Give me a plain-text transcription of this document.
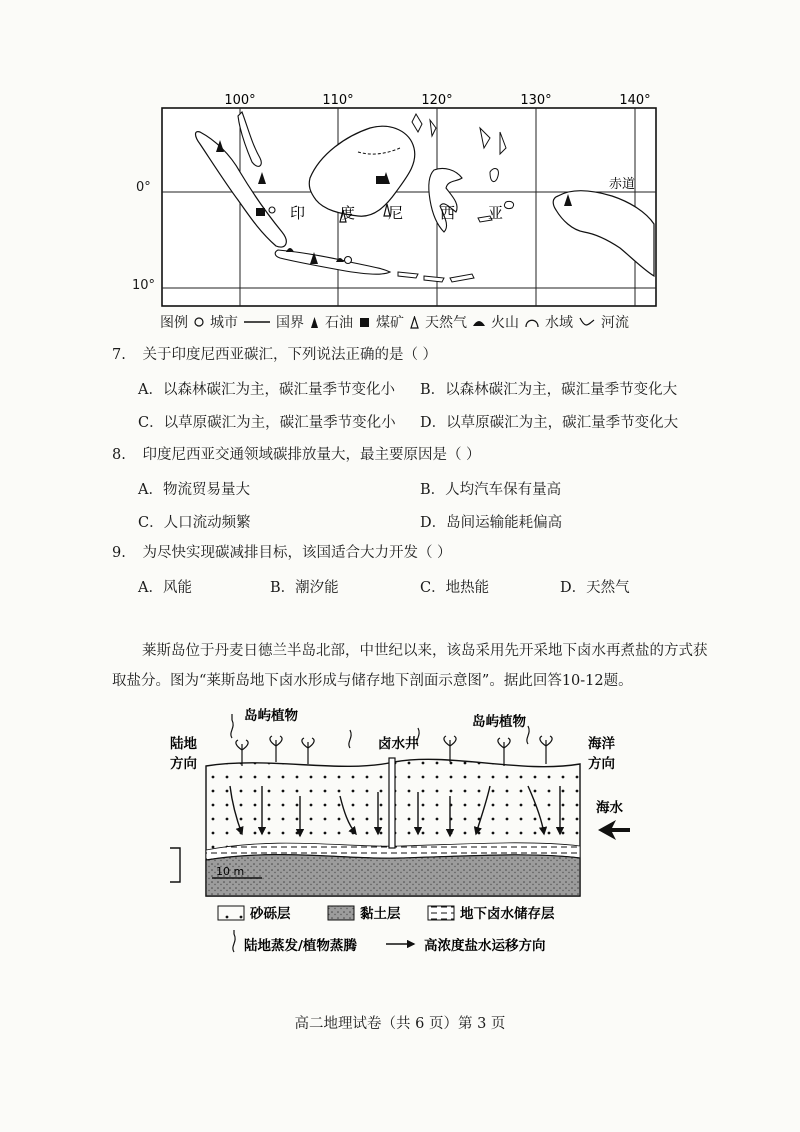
100°	110°	120°	130°	140°
赤道
印 度 尼 西 亚
0°
10°
图例 城市	国界 石油 煤矿 天然气 火山 水域 河流
7. 关于印度尼西亚碳汇，下列说法正确的是（ ）
A．以森林碳汇为主，碳汇量季节变化小 B．以森林碳汇为主，碳汇量季节变化大
C．以草原碳汇为主，碳汇量季节变化小 D．以草原碳汇为主，碳汇量季节变化大
8. 印度尼西亚交通领域碳排放量大，最主要原因是（ ）
A．物流贸易量大	B．人均汽车保有量高
C．人口流动频繁	D．岛间运输能耗偏高
9. 为尽快实现碳减排目标，该国适合大力开发（ ）
A．风能	B．潮汐能	C．地热能	D．天然气
莱斯岛位于丹麦日德兰半岛北部，中世纪以来，该岛采用先开采地下卤水再煮盐的方式获取盐分。图为“莱斯岛地下卤水形成与储存地下剖面示意图”。据此回答10-12题。
10 m
岛屿植物	岛屿植物
陆地
方向
卤水井	海洋
方向
海水
砂砾层	黏土层	地下卤水储存层
陆地蒸发/植物蒸腾	高浓度盐水运移方向
高二地理试卷（共 6 页）第 3 页
